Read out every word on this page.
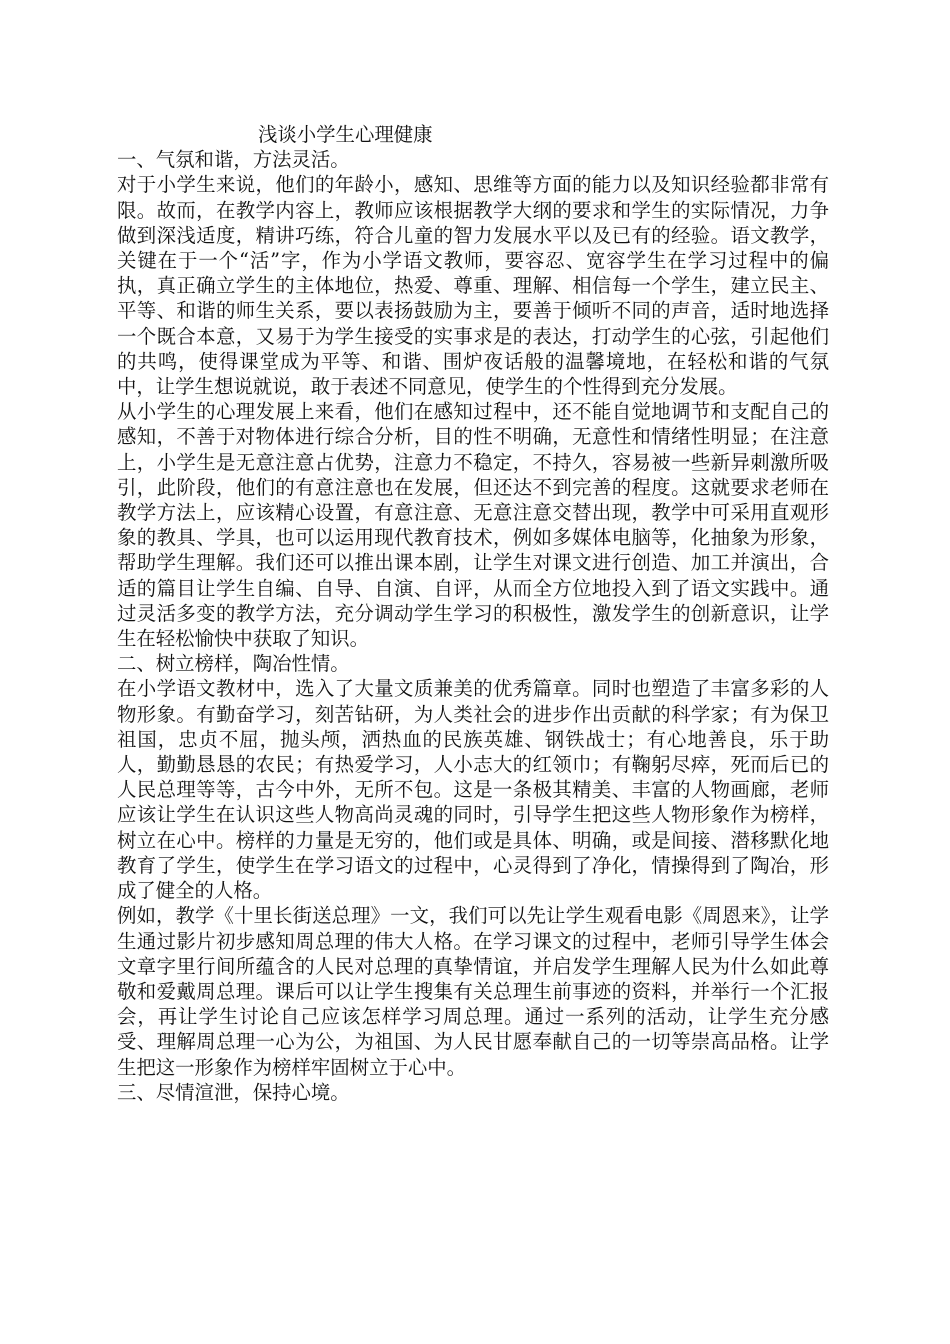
浅谈小学生心理健康
一、气氛和谐，方法灵活。

对于小学生来说，他们的年龄小，感知、思维等方面的能力以及知识经验都非常有限。故而，在教学内容上，教师应该根据教学大纲的要求和学生的实际情况，力争做到深浅适度，精讲巧练，符合儿童的智力发展水平以及已有的经验。语文教学，关键在于一个“活”字，作为小学语文教师，要容忍、宽容学生在学习过程中的偏执，真正确立学生的主体地位，热爱、尊重、理解、相信每一个学生，建立民主、平等、和谐的师生关系，要以表扬鼓励为主，要善于倾听不同的声音，适时地选择一个既合本意，又易于为学生接受的实事求是的表达，打动学生的心弦，引起他们的共鸣，使得课堂成为平等、和谐、围炉夜话般的温馨境地，在轻松和谐的气氛中，让学生想说就说，敢于表述不同意见，使学生的个性得到充分发展。

从小学生的心理发展上来看，他们在感知过程中，还不能自觉地调节和支配自己的感知，不善于对物体进行综合分析，目的性不明确，无意性和情绪性明显；在注意上，小学生是无意注意占优势，注意力不稳定，不持久，容易被一些新异刺激所吸引，此阶段，他们的有意注意也在发展，但还达不到完善的程度。这就要求老师在教学方法上，应该精心设置，有意注意、无意注意交替出现，教学中可采用直观形象的教具、学具，也可以运用现代教育技术，例如多媒体电脑等，化抽象为形象，帮助学生理解。我们还可以推出课本剧，让学生对课文进行创造、加工并演出，合适的篇目让学生自编、自导、自演、自评，从而全方位地投入到了语文实践中。通过灵活多变的教学方法，充分调动学生学习的积极性，激发学生的创新意识，让学生在轻松愉快中获取了知识。

二、树立榜样，陶冶性情。

在小学语文教材中，选入了大量文质兼美的优秀篇章。同时也塑造了丰富多彩的人物形象。有勤奋学习，刻苦钻研，为人类社会的进步作出贡献的科学家；有为保卫祖国，忠贞不屈，抛头颅，洒热血的民族英雄、钢铁战士；有心地善良，乐于助人，勤勤恳恳的农民；有热爱学习，人小志大的红领巾；有鞠躬尽瘁，死而后已的人民总理等等，古今中外，无所不包。这是一条极其精美、丰富的人物画廊，老师应该让学生在认识这些人物高尚灵魂的同时，引导学生把这些人物形象作为榜样，树立在心中。榜样的力量是无穷的，他们或是具体、明确，或是间接、潜移默化地教育了学生，使学生在学习语文的过程中，心灵得到了净化，情操得到了陶冶，形成了健全的人格。

例如，教学《十里长街送总理》一文，我们可以先让学生观看电影《周恩来》，让学生通过影片初步感知周总理的伟大人格。在学习课文的过程中，老师引导学生体会文章字里行间所蕴含的人民对总理的真挚情谊，并启发学生理解人民为什么如此尊敬和爱戴周总理。课后可以让学生搜集有关总理生前事迹的资料，并举行一个汇报会，再让学生讨论自己应该怎样学习周总理。通过一系列的活动，让学生充分感受、理解周总理一心为公，为祖国、为人民甘愿奉献自己的一切等崇高品格。让学生把这一形象作为榜样牢固树立于心中。

三、尽情渲泄，保持心境。
